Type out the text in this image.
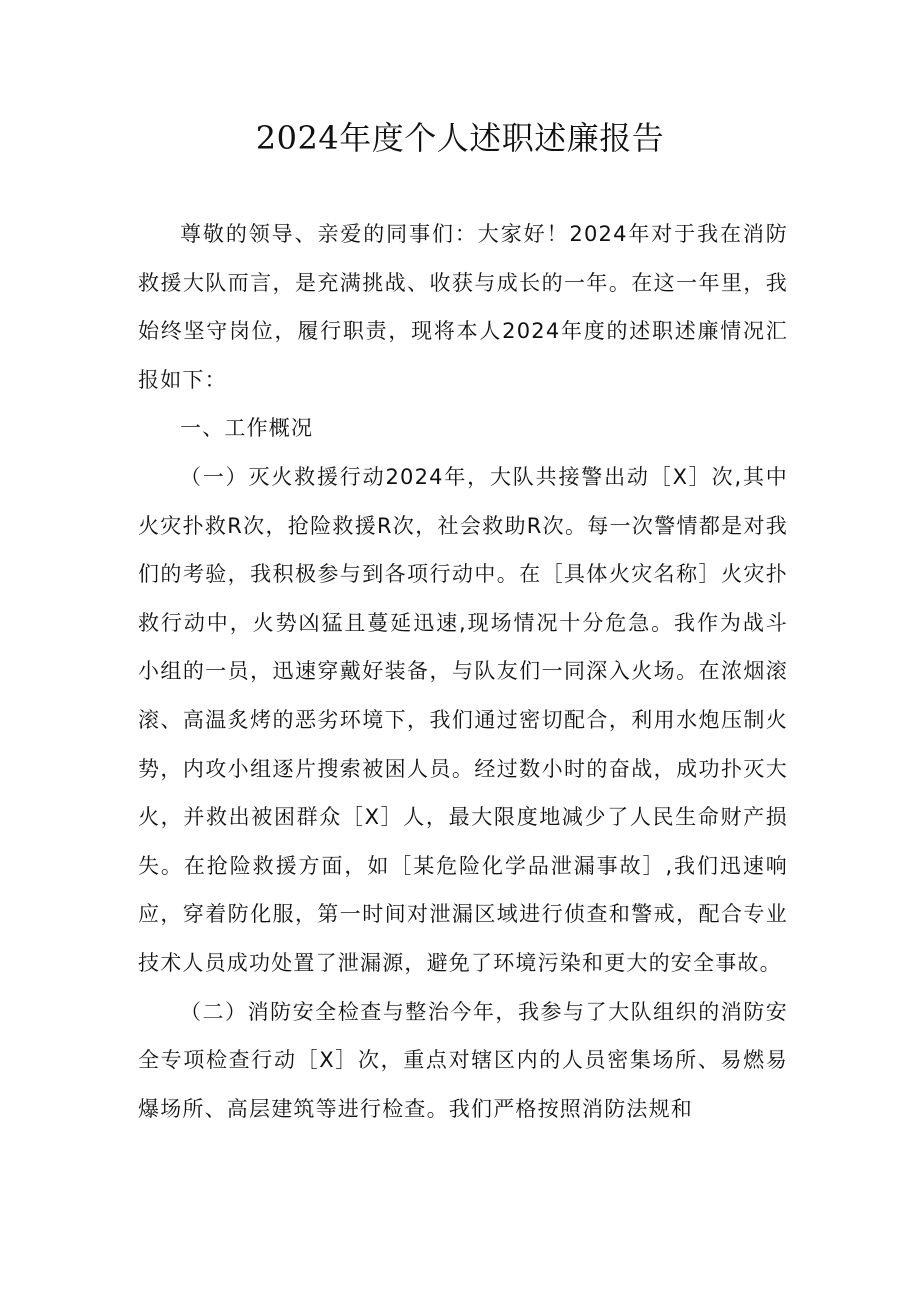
2024年度个人述职述廉报告

尊敬的领导、亲爱的同事们：大家好！2024年对于我在消防救援大队而言，是充满挑战、收获与成长的一年。在这一年里，我始终坚守岗位，履行职责，现将本人2024年度的述职述廉情况汇报如下：

一、工作概况

（一）灭火救援行动2024年，大队共接警出动［X］次,其中火灾扑救R次，抢险救援R次，社会救助R次。每一次警情都是对我们的考验，我积极参与到各项行动中。在［具体火灾名称］火灾扑救行动中，火势凶猛且蔓延迅速,现场情况十分危急。我作为战斗小组的一员，迅速穿戴好装备，与队友们一同深入火场。在浓烟滚滚、高温炙烤的恶劣环境下，我们通过密切配合，利用水炮压制火势，内攻小组逐片搜索被困人员。经过数小时的奋战，成功扑灭大火，并救出被困群众［X］人，最大限度地减少了人民生命财产损失。在抢险救援方面，如［某危险化学品泄漏事故］,我们迅速响应，穿着防化服，第一时间对泄漏区域进行侦查和警戒，配合专业技术人员成功处置了泄漏源，避免了环境污染和更大的安全事故。

（二）消防安全检查与整治今年，我参与了大队组织的消防安全专项检查行动［X］次，重点对辖区内的人员密集场所、易燃易爆场所、高层建筑等进行检查。我们严格按照消防法规和
